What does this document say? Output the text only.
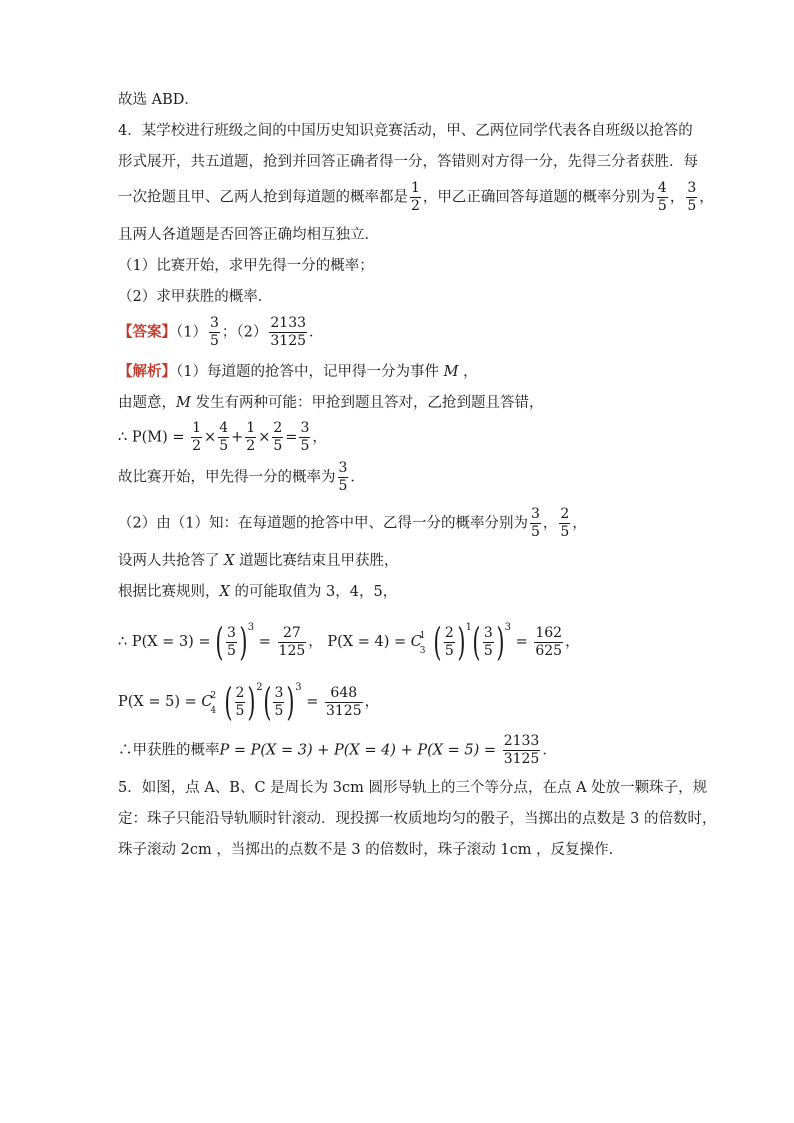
故选 ABD．
4．某学校进行班级之间的中国历史知识竞赛活动，甲、乙两位同学代表各自班级以抢答的
形式展开，共五道题，抢到并回答正确者得一分，答错则对方得一分，先得三分者获胜．每
一次抢题且甲、乙两人抢到每道题的概率都是 $\frac{1}{2}$ ，甲乙正确回答每道题的概率分别为 $\frac{4}{5}$ ， $\frac{3}{5}$ ，
且两人各道题是否回答正确均相互独立．
（1）比赛开始，求甲先得一分的概率；
（2）求甲获胜的概率．
【答案】$(1) \frac{3}{5}$ ；$(2) \frac{2133}{3125}$ ．
【解析】（1）每道题的抢答中，记甲得一分为事件 M ，
由题意，M 发生有两种可能：甲抢到题且答对，乙抢到题且答错，
∴ $P(M) = \frac{1}{2} \times \frac{4}{5} + \frac{1}{2} \times \frac{2}{5} = \frac{3}{5}$ ，
故比赛开始，甲先得一分的概率为 $\frac{3}{5}$ ．
（2）由（1）知：在每道题的抢答中甲、乙得一分的概率分别为 $\frac{3}{5}$ ， $\frac{2}{5}$ ，
设两人共抢答了 X 道题比赛结束且甲获胜，
根据比赛规则，X 的可能取值为 3，4，5，
∴ P(X = 3) = ( $\frac{3}{5} )^3 = \frac{27}{125}$ ， P(X = 4) = C
1
3 ( $\frac{2}{5} )^1( \frac{3}{5} )^3 = \frac{162}{625}$ ，
P(X = 5) = C
2
4 ( $\frac{2}{5} )^2( \frac{3}{5} )^3 = \frac{648}{3125}$ ，
∴甲获胜的概率$P = P(X = 3) + P(X = 4) + P(X = 5) = \frac{2133}{3125}$ ．
5．如图，点 A、B、C 是周长为 3cm 圆形导轨上的三个等分点，在点 A 处放一颗珠子，规
定：珠子只能沿导轨顺时针滚动．现投掷一枚质地均匀的骰子，当掷出的点数是 3 的倍数时，
珠子滚动 2cm ，当掷出的点数不是 3 的倍数时，珠子滚动 1cm ，反复操作．
